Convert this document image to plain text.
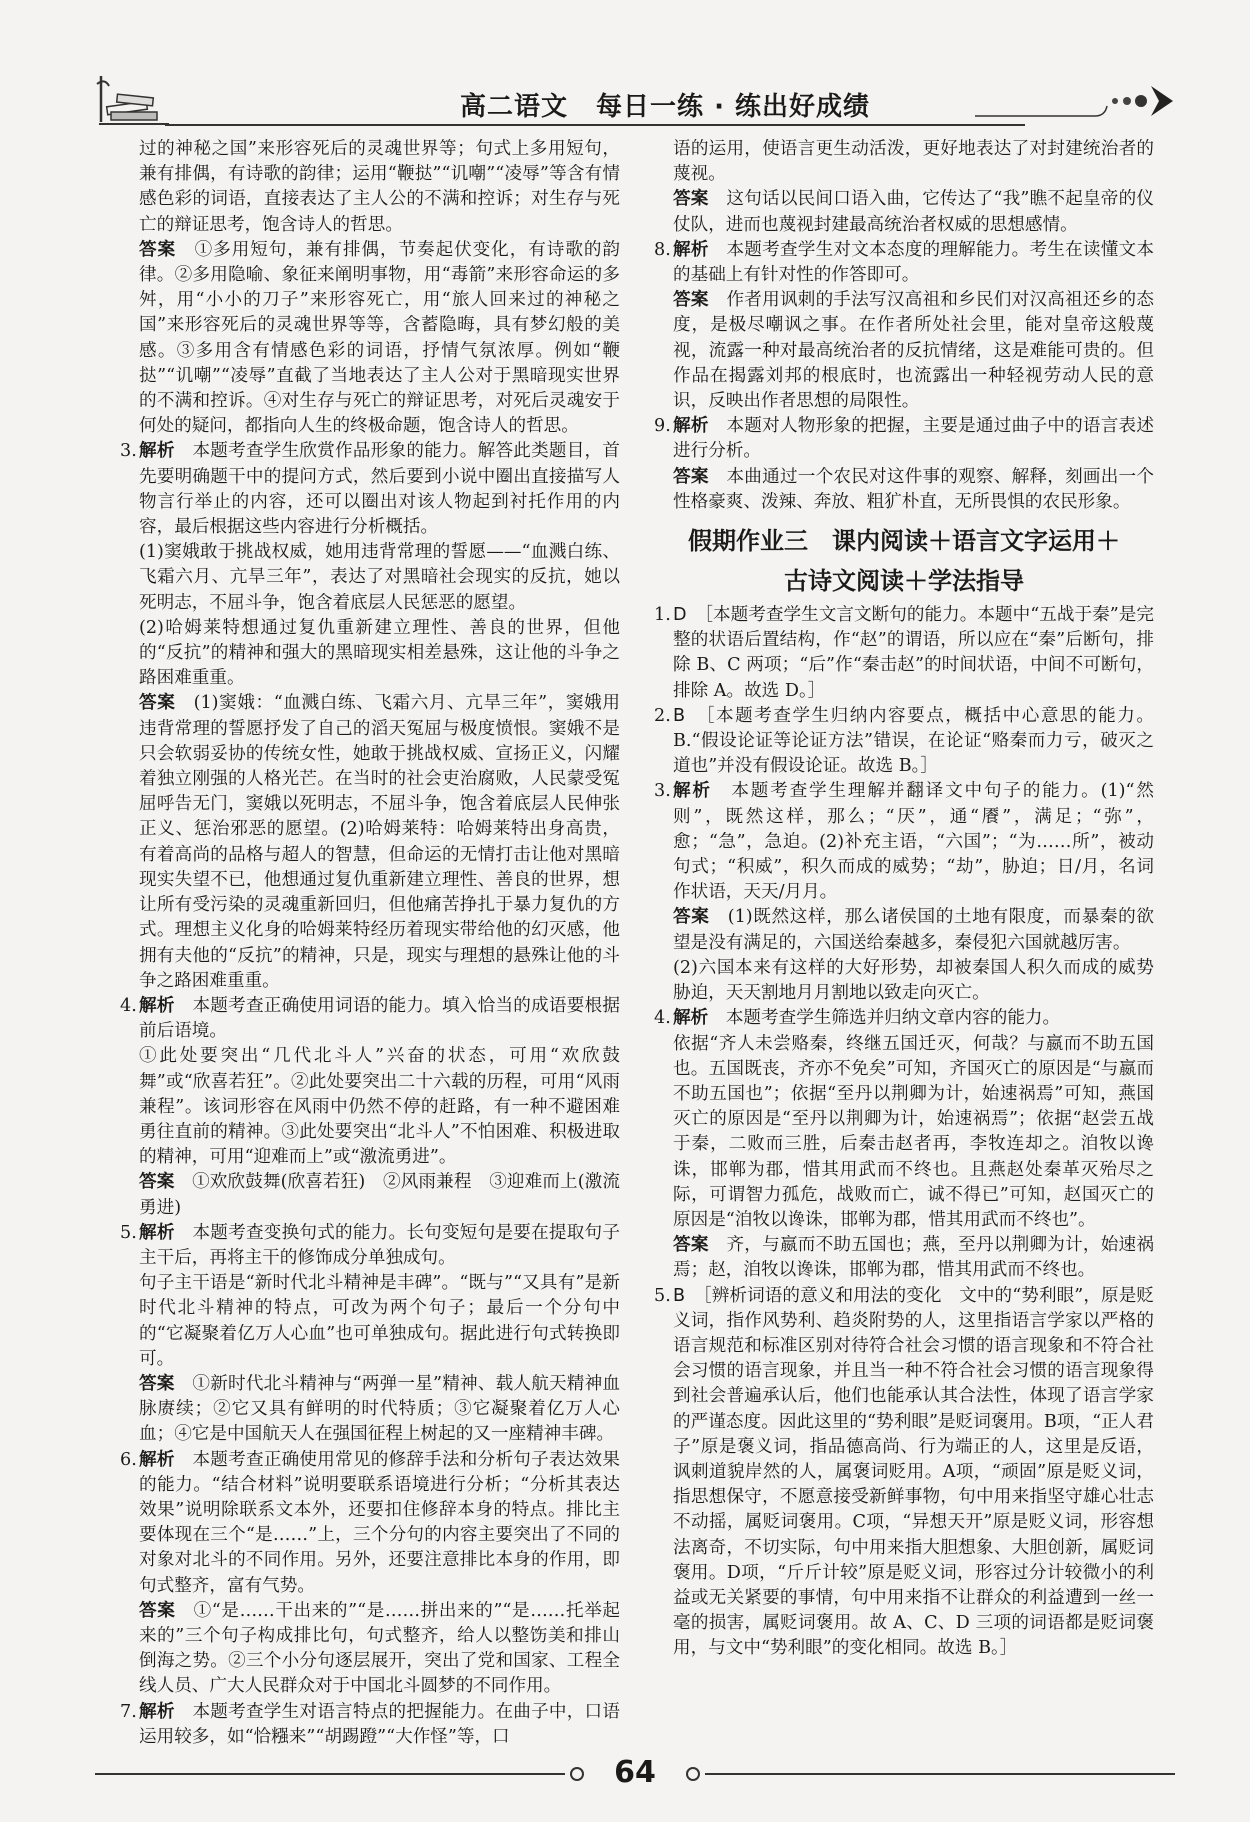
高二语文 每日一练 · 练出好成绩

过的神秘之国”来形容死后的灵魂世界等；句式上多用短句，兼有排偶，有诗歌的韵律；运用“鞭挞”“讥嘲”“凌辱”等含有情感色彩的词语，直接表达了主人公的不满和控诉；对生存与死亡的辩证思考，饱含诗人的哲思。

答案　 ①多用短句，兼有排偶，节奏起伏变化，有诗歌的韵律。②多用隐喻、象征来阐明事物，用“毒箭”来形容命运的多舛，用“小小的刀子”来形容死亡，用“旅人回来过的神秘之国”来形容死后的灵魂世界等等，含蓄隐晦，具有梦幻般的美感。③多用含有情感色彩的词语，抒情气氛浓厚。例如“鞭挞”“讥嘲”“凌辱”直截了当地表达了主人公对于黑暗现实世界的不满和控诉。④对生存与死亡的辩证思考，对死后灵魂安于何处的疑问，都指向人生的终极命题，饱含诗人的哲思。

3. 解析　 本题考查学生欣赏作品形象的能力。解答此类题目，首先要明确题干中的提问方式，然后要到小说中圈出直接描写人物言行举止的内容，还可以圈出对该人物起到衬托作用的内容，最后根据这些内容进行分析概括。

(1)窦娥敢于挑战权威，她用违背常理的誓愿——“血溅白练、飞霜六月、亢旱三年”，表达了对黑暗社会现实的反抗，她以死明志，不屈斗争，饱含着底层人民惩恶的愿望。

(2)哈姆莱特想通过复仇重新建立理性、善良的世界，但他的“反抗”的精神和强大的黑暗现实相差悬殊，这让他的斗争之路困难重重。

答案　 (1)窦娥：“血溅白练、飞霜六月、亢旱三年”，窦娥用违背常理的誓愿抒发了自己的滔天冤屈与极度愤恨。窦娥不是只会软弱妥协的传统女性，她敢于挑战权威、宣扬正义，闪耀着独立刚强的人格光芒。在当时的社会吏治腐败，人民蒙受冤屈呼告无门，窦娥以死明志，不屈斗争，饱含着底层人民伸张正义、惩治邪恶的愿望。(2)哈姆莱特：哈姆莱特出身高贵，有着高尚的品格与超人的智慧，但命运的无情打击让他对黑暗现实失望不已，他想通过复仇重新建立理性、善良的世界，想让所有受污染的灵魂重新回归，但他痛苦挣扎于暴力复仇的方式。理想主义化身的哈姆莱特经历着现实带给他的幻灭感，他拥有夫他的“反抗”的精神，只是，现实与理想的悬殊让他的斗争之路困难重重。

4. 解析　 本题考查正确使用词语的能力。填入恰当的成语要根据前后语境。

①此处要突出“几代北斗人”兴奋的状态，可用“欢欣鼓舞”或“欣喜若狂”。②此处要突出二十六载的历程，可用“风雨兼程”。该词形容在风雨中仍然不停的赶路，有一种不避困难勇往直前的精神。③此处要突出“北斗人”不怕困难、积极进取的精神，可用“迎难而上”或“激流勇进”。

答案　 ①欢欣鼓舞(欣喜若狂)　②风雨兼程　③迎难而上(激流勇进)

5. 解析　 本题考查变换句式的能力。长句变短句是要在提取句子主干后，再将主干的修饰成分单独成句。

句子主干语是“新时代北斗精神是丰碑”。“既与”“又具有”是新时代北斗精神的特点，可改为两个句子；最后一个分句中的“它凝聚着亿万人心血”也可单独成句。据此进行句式转换即可。

答案　 ①新时代北斗精神与“两弹一星”精神、载人航天精神血脉赓续；②它又具有鲜明的时代特质；③它凝聚着亿万人心血；④它是中国航天人在强国征程上树起的又一座精神丰碑。

6. 解析　 本题考查正确使用常见的修辞手法和分析句子表达效果的能力。“结合材料”说明要联系语境进行分析；“分析其表达效果”说明除联系文本外，还要扣住修辞本身的特点。排比主要体现在三个“是……”上，三个分句的内容主要突出了不同的对象对北斗的不同作用。另外，还要注意排比本身的作用，即句式整齐，富有气势。

答案　 ①“是……干出来的”“是……拼出来的”“是……托举起来的”三个句子构成排比句，句式整齐，给人以整饬美和排山倒海之势。②三个小分句逐层展开，突出了党和国家、工程全线人员、广大人民群众对于中国北斗圆梦的不同作用。

7. 解析　 本题考查学生对语言特点的把握能力。在曲子中，口语运用较多，如“恰糨来”“胡踢蹬”“大作怪”等，口

语的运用，使语言更生动活泼，更好地表达了对封建统治者的蔑视。

答案　 这句话以民间口语入曲，它传达了“我”瞧不起皇帝的仪仗队，进而也蔑视封建最高统治者权威的思想感情。

8. 解析　 本题考查学生对文本态度的理解能力。考生在读懂文本的基础上有针对性的作答即可。

答案　 作者用讽刺的手法写汉高祖和乡民们对汉高祖还乡的态度，是极尽嘲讽之事。在作者所处社会里，能对皇帝这般蔑视，流露一种对最高统治者的反抗情绪，这是难能可贵的。但作品在揭露刘邦的根底时，也流露出一种轻视劳动人民的意识，反映出作者思想的局限性。

9. 解析　 本题对人物形象的把握，主要是通过曲子中的语言表述进行分析。

答案　 本曲通过一个农民对这件事的观察、解释，刻画出一个性格豪爽、泼辣、奔放、粗犷朴直，无所畏惧的农民形象。

假期作业三　课内阅读＋语言文字运用＋
古诗文阅读＋学法指导

1. D　 ［本题考查学生文言文断句的能力。本题中“五战于秦”是完整的状语后置结构，作“赵”的谓语，所以应在“秦”后断句，排除 B、C 两项；“后”作“秦击赵”的时间状语，中间不可断句，排除 A。故选 D。］

2. B　 ［本题考查学生归纳内容要点，概括中心意思的能力。B.“假设论证等论证方法”错误，在论证“赂秦而力亏，破灭之道也”并没有假设论证。故选 B。］

3. 解析　 本题考查学生理解并翻译文中句子的能力。(1)“然则”，既然这样，那么；“厌”，通“餍”，满足；“弥”，愈；“急”，急迫。(2)补充主语，“六国”；“为……所”，被动句式；“积威”，积久而成的威势；“劫”，胁迫；日/月，名词作状语，天天/月月。

答案　 (1)既然这样，那么诸侯国的土地有限度，而暴秦的欲望是没有满足的，六国送给秦越多，秦侵犯六国就越厉害。

(2)六国本来有这样的大好形势，却被秦国人积久而成的威势胁迫，天天割地月月割地以致走向灭亡。

4. 解析　 本题考查学生筛选并归纳文章内容的能力。

依据“齐人未尝赂秦，终继五国迁灭，何哉？与嬴而不助五国也。五国既丧，齐亦不免矣”可知，齐国灭亡的原因是“与嬴而不助五国也”；依据“至丹以荆卿为计，始速祸焉”可知，燕国灭亡的原因是“至丹以荆卿为计，始速祸焉”；依据“赵尝五战于秦，二败而三胜，后秦击赵者再，李牧连却之。洎牧以谗诛，邯郸为郡，惜其用武而不终也。且燕赵处秦革灭殆尽之际，可谓智力孤危，战败而亡，诚不得已”可知，赵国灭亡的原因是“洎牧以谗诛，邯郸为郡，惜其用武而不终也”。

答案　 齐，与嬴而不助五国也；燕，至丹以荆卿为计，始速祸焉；赵，洎牧以谗诛，邯郸为郡，惜其用武而不终也。

5. B　 ［辨析词语的意义和用法的变化　文中的“势利眼”，原是贬义词，指作风势利、趋炎附势的人，这里指语言学家以严格的语言规范和标准区别对待符合社会习惯的语言现象和不符合社会习惯的语言现象，并且当一种不符合社会习惯的语言现象得到社会普遍承认后，他们也能承认其合法性，体现了语言学家的严谨态度。因此这里的“势利眼”是贬词褒用。B项，“正人君子”原是褒义词，指品德高尚、行为端正的人，这里是反语，讽刺道貌岸然的人，属褒词贬用。A项，“顽固”原是贬义词，指思想保守，不愿意接受新鲜事物，句中用来指坚守雄心壮志不动摇，属贬词褒用。C项，“异想天开”原是贬义词，形容想法离奇，不切实际，句中用来指大胆想象、大胆创新，属贬词褒用。D项，“斤斤计较”原是贬义词，形容过分计较微小的利益或无关紧要的事情，句中用来指不让群众的利益遭到一丝一毫的损害，属贬词褒用。故 A、C、D 三项的词语都是贬词褒用，与文中“势利眼”的变化相同。故选 B。］

64
